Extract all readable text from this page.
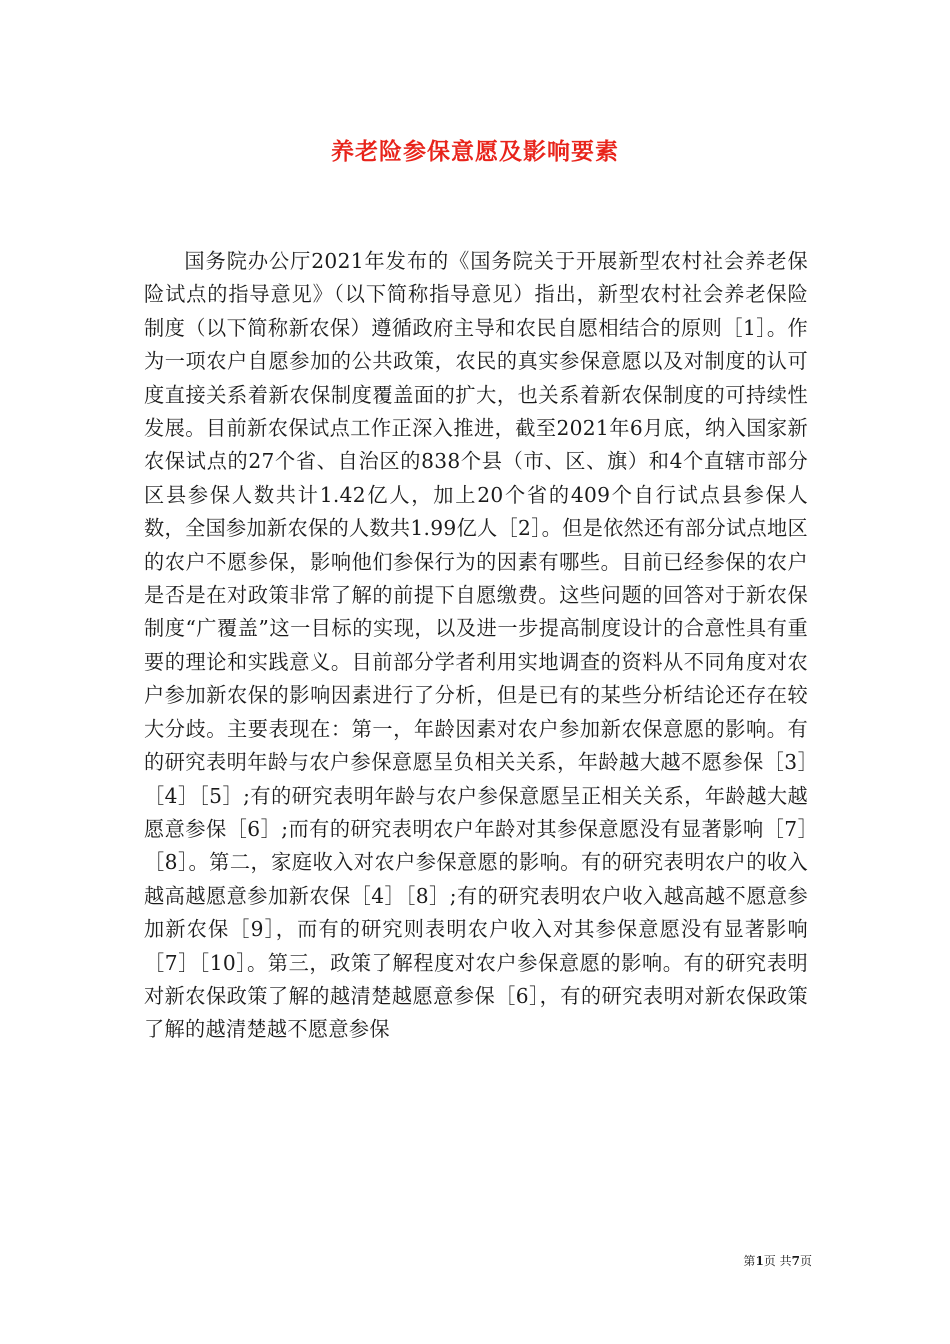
养老险参保意愿及影响要素

国务院办公厅2021年发布的《国务院关于开展新型农村社会养老保险试点的指导意见》（以下简称指导意见）指出，新型农村社会养老保险制度（以下简称新农保）遵循政府主导和农民自愿相结合的原则［1］。作为一项农户自愿参加的公共政策，农民的真实参保意愿以及对制度的认可度直接关系着新农保制度覆盖面的扩大，也关系着新农保制度的可持续性发展。目前新农保试点工作正深入推进，截至2021年6月底，纳入国家新农保试点的27个省、自治区的838个县（市、区、旗）和4个直辖市部分区县参保人数共计1.42亿人，加上20个省的409个自行试点县参保人数，全国参加新农保的人数共1.99亿人［2］。但是依然还有部分试点地区的农户不愿参保，影响他们参保行为的因素有哪些。目前已经参保的农户是否是在对政策非常了解的前提下自愿缴费。这些问题的回答对于新农保制度“广覆盖”这一目标的实现，以及进一步提高制度设计的合意性具有重要的理论和实践意义。目前部分学者利用实地调查的资料从不同角度对农户参加新农保的影响因素进行了分析，但是已有的某些分析结论还存在较大分歧。主要表现在：第一，年龄因素对农户参加新农保意愿的影响。有的研究表明年龄与农户参保意愿呈负相关关系，年龄越大越不愿参保［3］［4］［5］;有的研究表明年龄与农户参保意愿呈正相关关系，年龄越大越愿意参保［6］;而有的研究表明农户年龄对其参保意愿没有显著影响［7］［8］。第二，家庭收入对农户参保意愿的影响。有的研究表明农户的收入越高越愿意参加新农保［4］［8］;有的研究表明农户收入越高越不愿意参加新农保［9］，而有的研究则表明农户收入对其参保意愿没有显著影响［7］［10］。第三，政策了解程度对农户参保意愿的影响。有的研究表明对新农保政策了解的越清楚越愿意参保［6］，有的研究表明对新农保政策了解的越清楚越不愿意参保

第1页 共7页
